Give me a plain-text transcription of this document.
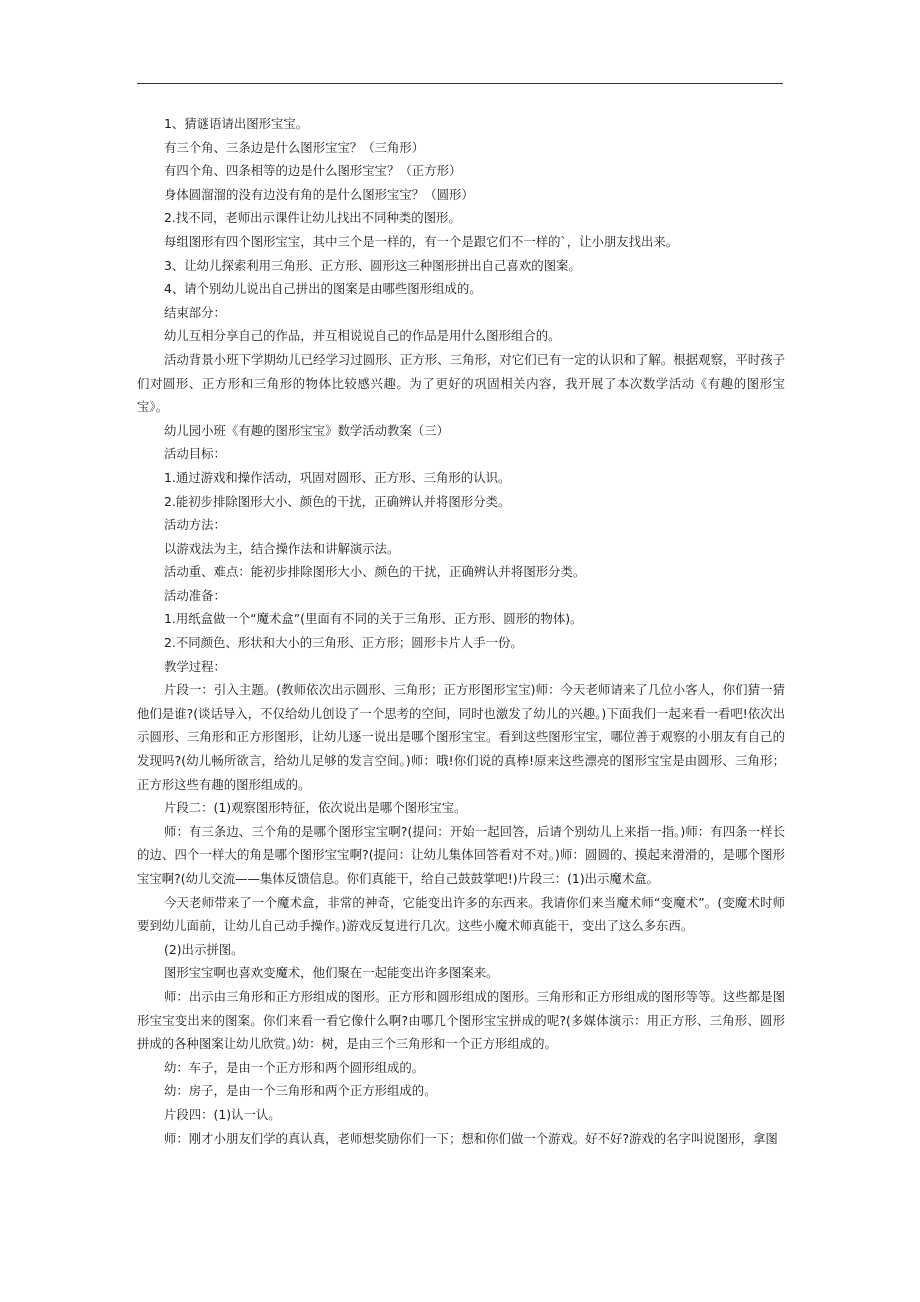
1、猜谜语请出图形宝宝。

有三个角、三条边是什么图形宝宝？（三角形）

有四个角、四条相等的边是什么图形宝宝？（正方形）

身体圆溜溜的没有边没有角的是什么图形宝宝？（圆形）

2.找不同，老师出示课件让幼儿找出不同种类的图形。

每组图形有四个图形宝宝，其中三个是一样的，有一个是跟它们不一样的`，让小朋友找出来。

3、让幼儿探索利用三角形、正方形、圆形这三种图形拼出自己喜欢的图案。

4、请个别幼儿说出自己拼出的图案是由哪些图形组成的。

结束部分：

幼儿互相分享自己的作品，并互相说说自己的作品是用什么图形组合的。

活动背景小班下学期幼儿已经学习过圆形、正方形、三角形，对它们已有一定的认识和了解。根据观察，平时孩子们对圆形、正方形和三角形的物体比较感兴趣。为了更好的巩固相关内容，我开展了本次数学活动《有趣的图形宝宝》。

幼儿园小班《有趣的图形宝宝》数学活动教案（三）

活动目标：

1.通过游戏和操作活动，巩固对圆形、正方形、三角形的认识。

2.能初步排除图形大小、颜色的干扰，正确辨认并将图形分类。

活动方法：

以游戏法为主，结合操作法和讲解演示法。

活动重、难点：能初步排除图形大小、颜色的干扰，正确辨认并将图形分类。

活动准备：

1.用纸盒做一个“魔术盒”(里面有不同的关于三角形、正方形、圆形的物体)。

2.不同颜色、形状和大小的三角形、正方形；圆形卡片人手一份。

教学过程：

片段一：引入主题。(教师依次出示圆形、三角形；正方形图形宝宝)师：今天老师请来了几位小客人，你们猜一猜他们是谁?(谈话导入，不仅给幼儿创设了一个思考的空间，同时也激发了幼儿的兴趣。)下面我们一起来看一看吧!依次出示圆形、三角形和正方形图形，让幼儿逐一说出是哪个图形宝宝。看到这些图形宝宝，哪位善于观察的小朋友有自己的发现吗?(幼儿畅所欲言，给幼儿足够的发言空间。)师：哦!你们说的真棒!原来这些漂亮的图形宝宝是由圆形、三角形；正方形这些有趣的图形组成的。

片段二：(1)观察图形特征，依次说出是哪个图形宝宝。

师：有三条边、三个角的是哪个图形宝宝啊?(提问：开始一起回答，后请个别幼儿上来指一指。)师：有四条一样长的边、四个一样大的角是哪个图形宝宝啊?(提问：让幼儿集体回答看对不对。)师：圆圆的、摸起来滑滑的，是哪个图形宝宝啊?(幼儿交流——集体反馈信息。你们真能干，给自己鼓鼓掌吧!)片段三：(1)出示魔术盒。

今天老师带来了一个魔术盒，非常的神奇，它能变出许多的东西来。我请你们来当魔术师“变魔术”。(变魔术时师要到幼儿面前，让幼儿自己动手操作。)游戏反复进行几次。这些小魔术师真能干，变出了这么多东西。

(2)出示拼图。

图形宝宝啊也喜欢变魔术，他们聚在一起能变出许多图案来。

师：出示由三角形和正方形组成的图形。正方形和圆形组成的图形。三角形和正方形组成的图形等等。这些都是图形宝宝变出来的图案。你们来看一看它像什么啊?由哪几个图形宝宝拼成的呢?(多媒体演示：用正方形、三角形、圆形拼成的各种图案让幼儿欣赏。)幼：树，是由三个三角形和一个正方形组成的。

幼：车子，是由一个正方形和两个圆形组成的。

幼：房子，是由一个三角形和两个正方形组成的。

片段四：(1)认一认。

师：刚才小朋友们学的真认真，老师想奖励你们一下；想和你们做一个游戏。好不好?游戏的名字叫说图形，拿图
